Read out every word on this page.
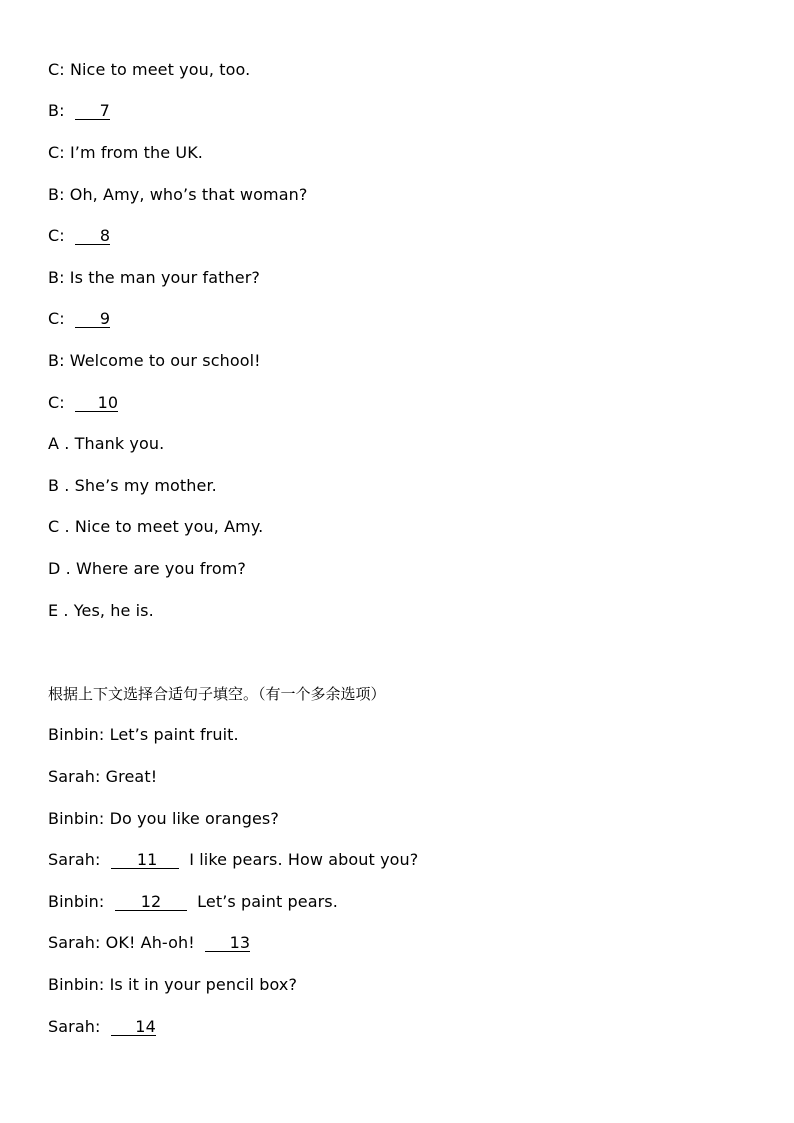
C: Nice to meet you, too.
B: 7
C: I’m from the UK.
B: Oh, Amy, who’s that woman?
C: 8
B: Is the man your father?
C: 9
B: Welcome to our school!
C: 10
A . Thank you.
B . She’s my mother.
C . Nice to meet you, Amy.
D . Where are you from?
E . Yes, he is.
根据上下文选择合适句子填空。（有一个多余选项）
Binbin: Let’s paint fruit.
Sarah: Great!
Binbin: Do you like oranges?
Sarah: 11 I like pears. How about you?
Binbin: 12 Let’s paint pears.
Sarah: OK! Ah-oh! 13
Binbin: Is it in your pencil box?
Sarah: 14
